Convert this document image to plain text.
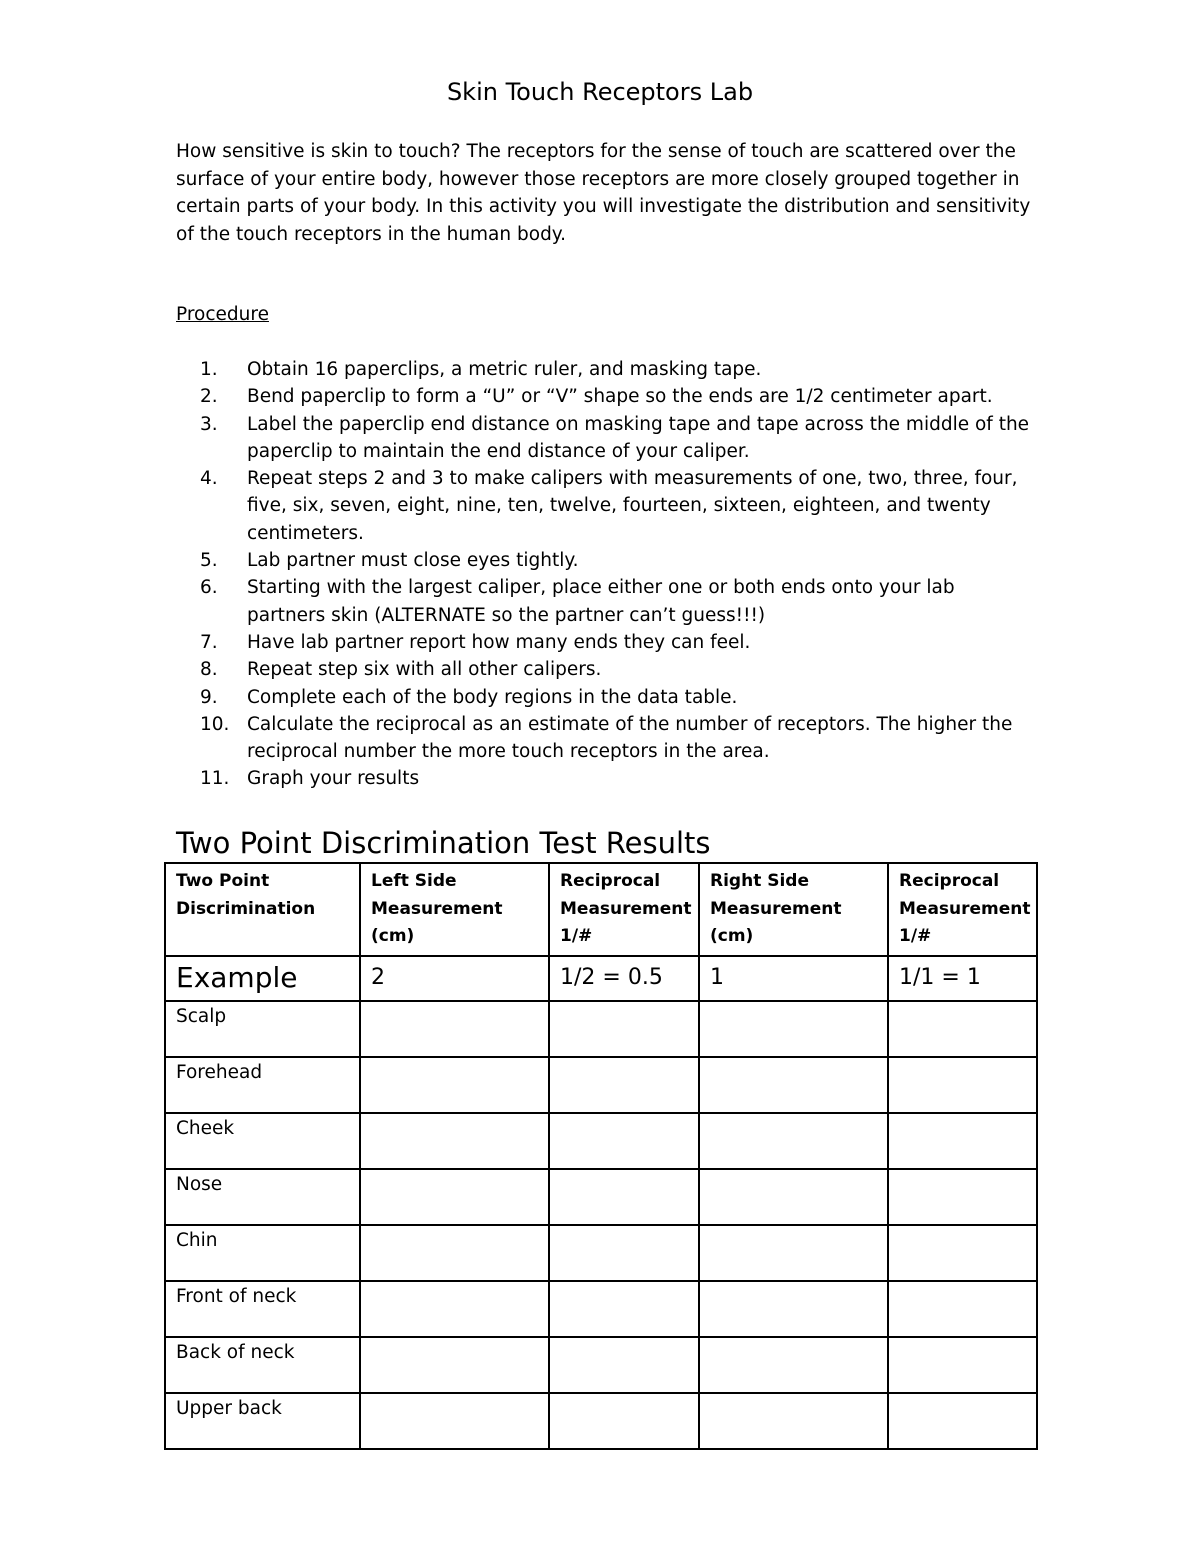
Skin Touch Receptors Lab

How sensitive is skin to touch? The receptors for the sense of touch are scattered over the surface of your entire body, however those receptors are more closely grouped together in certain parts of your body. In this activity you will investigate the distribution and sensitivity of the touch receptors in the human body.

Procedure

1.	Obtain 16 paperclips, a metric ruler, and masking tape.
2.	Bend paperclip to form a “U” or “V” shape so the ends are 1/2 centimeter apart.
3.	Label the paperclip end distance on masking tape and tape across the middle of the paperclip to maintain the end distance of your caliper.
4.	Repeat steps 2 and 3 to make calipers with measurements of one, two, three, four, five, six, seven, eight, nine, ten, twelve, fourteen, sixteen, eighteen, and twenty centimeters.
5.	Lab partner must close eyes tightly.
6.	Starting with the largest caliper, place either one or both ends onto your lab partners skin (ALTERNATE so the partner can’t guess!!!)
7.	Have lab partner report how many ends they can feel.
8.	Repeat step six with all other calipers.
9.	Complete each of the body regions in the data table.
10. Calculate the reciprocal as an estimate of the number of receptors. The higher the reciprocal number the more touch receptors in the area.
11. Graph your results
Two Point Discrimination Test Results
Two Point Discrimination	Left Side Measurement (cm)	Reciprocal Measurement 1/#	Right Side Measurement (cm)	Reciprocal Measurement 1/#
Example	2	1/2 = 0.5	1	1/1 = 1
Scalp				
Forehead				
Cheek				
Nose				
Chin				
Front of neck				
Back of neck				
Upper back				
